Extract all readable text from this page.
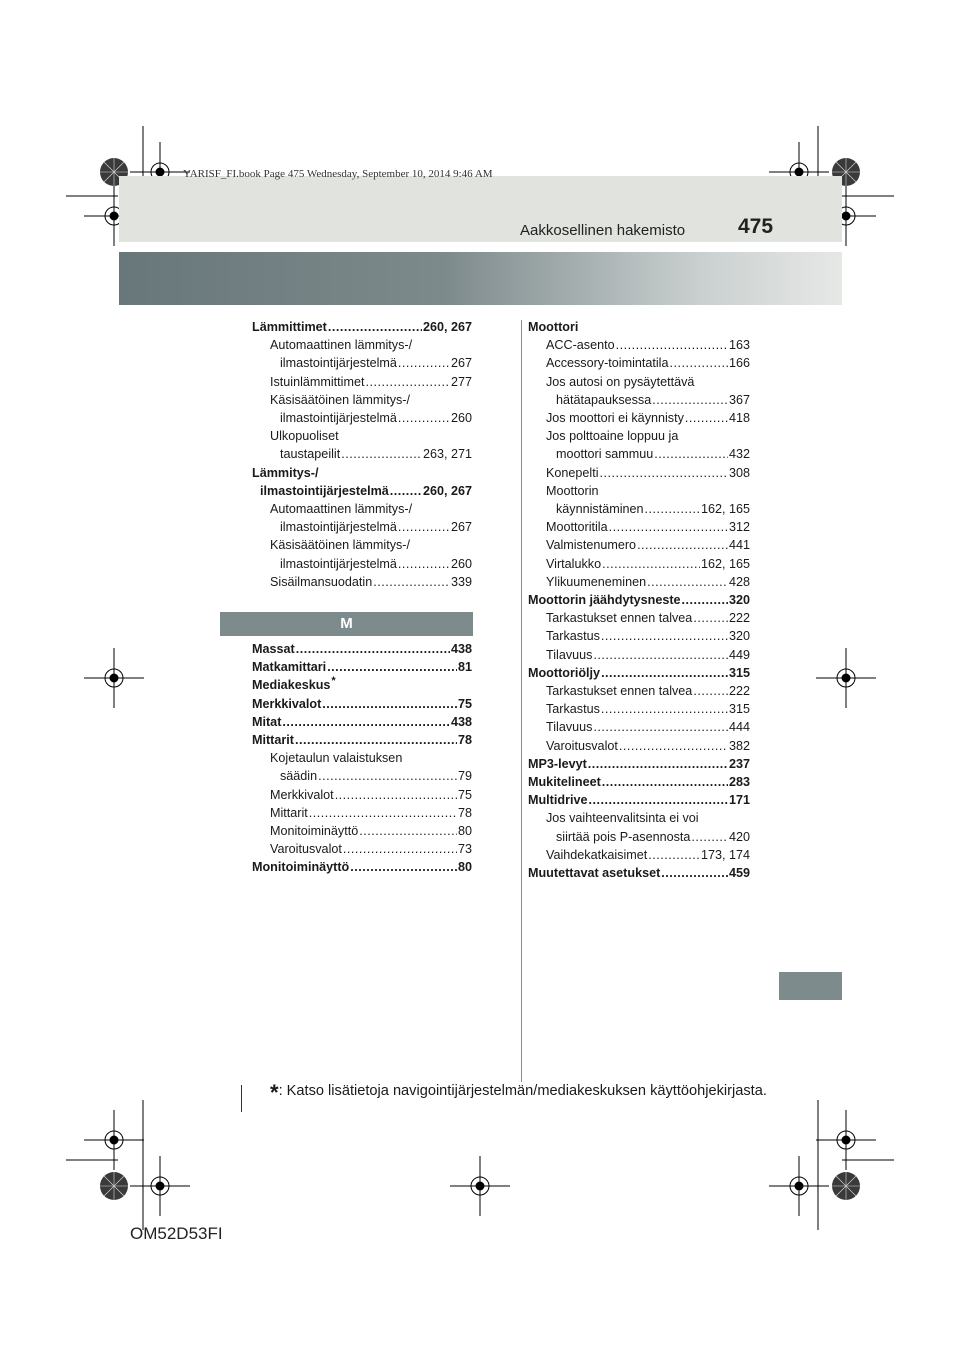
YARISF_FI.book Page 475 Wednesday, September 10, 2014 9:46 AM
Aakkosellinen hakemisto	475
Lämmittimet .....	260, 267
Automaattinen lämmitys-/
ilmastointijärjestelmä .....	267
Istuinlämmittimet .....	277
Käsisäätöinen lämmitys-/
ilmastointijärjestelmä .....	260
Ulkopuoliset
taustapeilit .....	263, 271
Lämmitys-/
ilmastointijärjestelmä .....	260, 267
Automaattinen lämmitys-/
ilmastointijärjestelmä .....	267
Käsisäätöinen lämmitys-/
ilmastointijärjestelmä .....	260
Sisäilmansuodatin .....	339
M
Massat .....	438
Matkamittari .....	81
Mediakeskus*
Merkkivalot .....	75
Mitat .....	438
Mittarit .....	78
Kojetaulun valaistuksen
säädin .....	79
Merkkivalot .....	75
Mittarit .....	78
Monitoiminäyttö .....	80
Varoitusvalot .....	73
Monitoiminäyttö .....	80
Moottori
ACC-asento .....	163
Accessory-toimintatila .....	166
Jos autosi on pysäytettävä
hätätapauksessa .....	367
Jos moottori ei käynnisty .....	418
Jos polttoaine loppuu ja
moottori sammuu .....	432
Konepelti .....	308
Moottorin
käynnistäminen .....	162, 165
Moottoritila .....	312
Valmistenumero .....	441
Virtalukko .....	162, 165
Ylikuumeneminen .....	428
Moottorin jäähdytysneste .....	320
Tarkastukset ennen talvea .....	222
Tarkastus .....	320
Tilavuus .....	449
Moottoriöljy .....	315
Tarkastukset ennen talvea .....	222
Tarkastus .....	315
Tilavuus .....	444
Varoitusvalot .....	382
MP3-levyt .....	237
Mukitelineet .....	283
Multidrive .....	171
Jos vaihteenvalitsinta ei voi
siirtää pois P-asennosta .....	420
Vaihdekatkaisimet .....	173, 174
Muutettavat asetukset .....	459
*: Katso lisätietoja navigointijärjestelmän/mediakeskuksen käyttöohjekirjasta.
OM52D53FI
